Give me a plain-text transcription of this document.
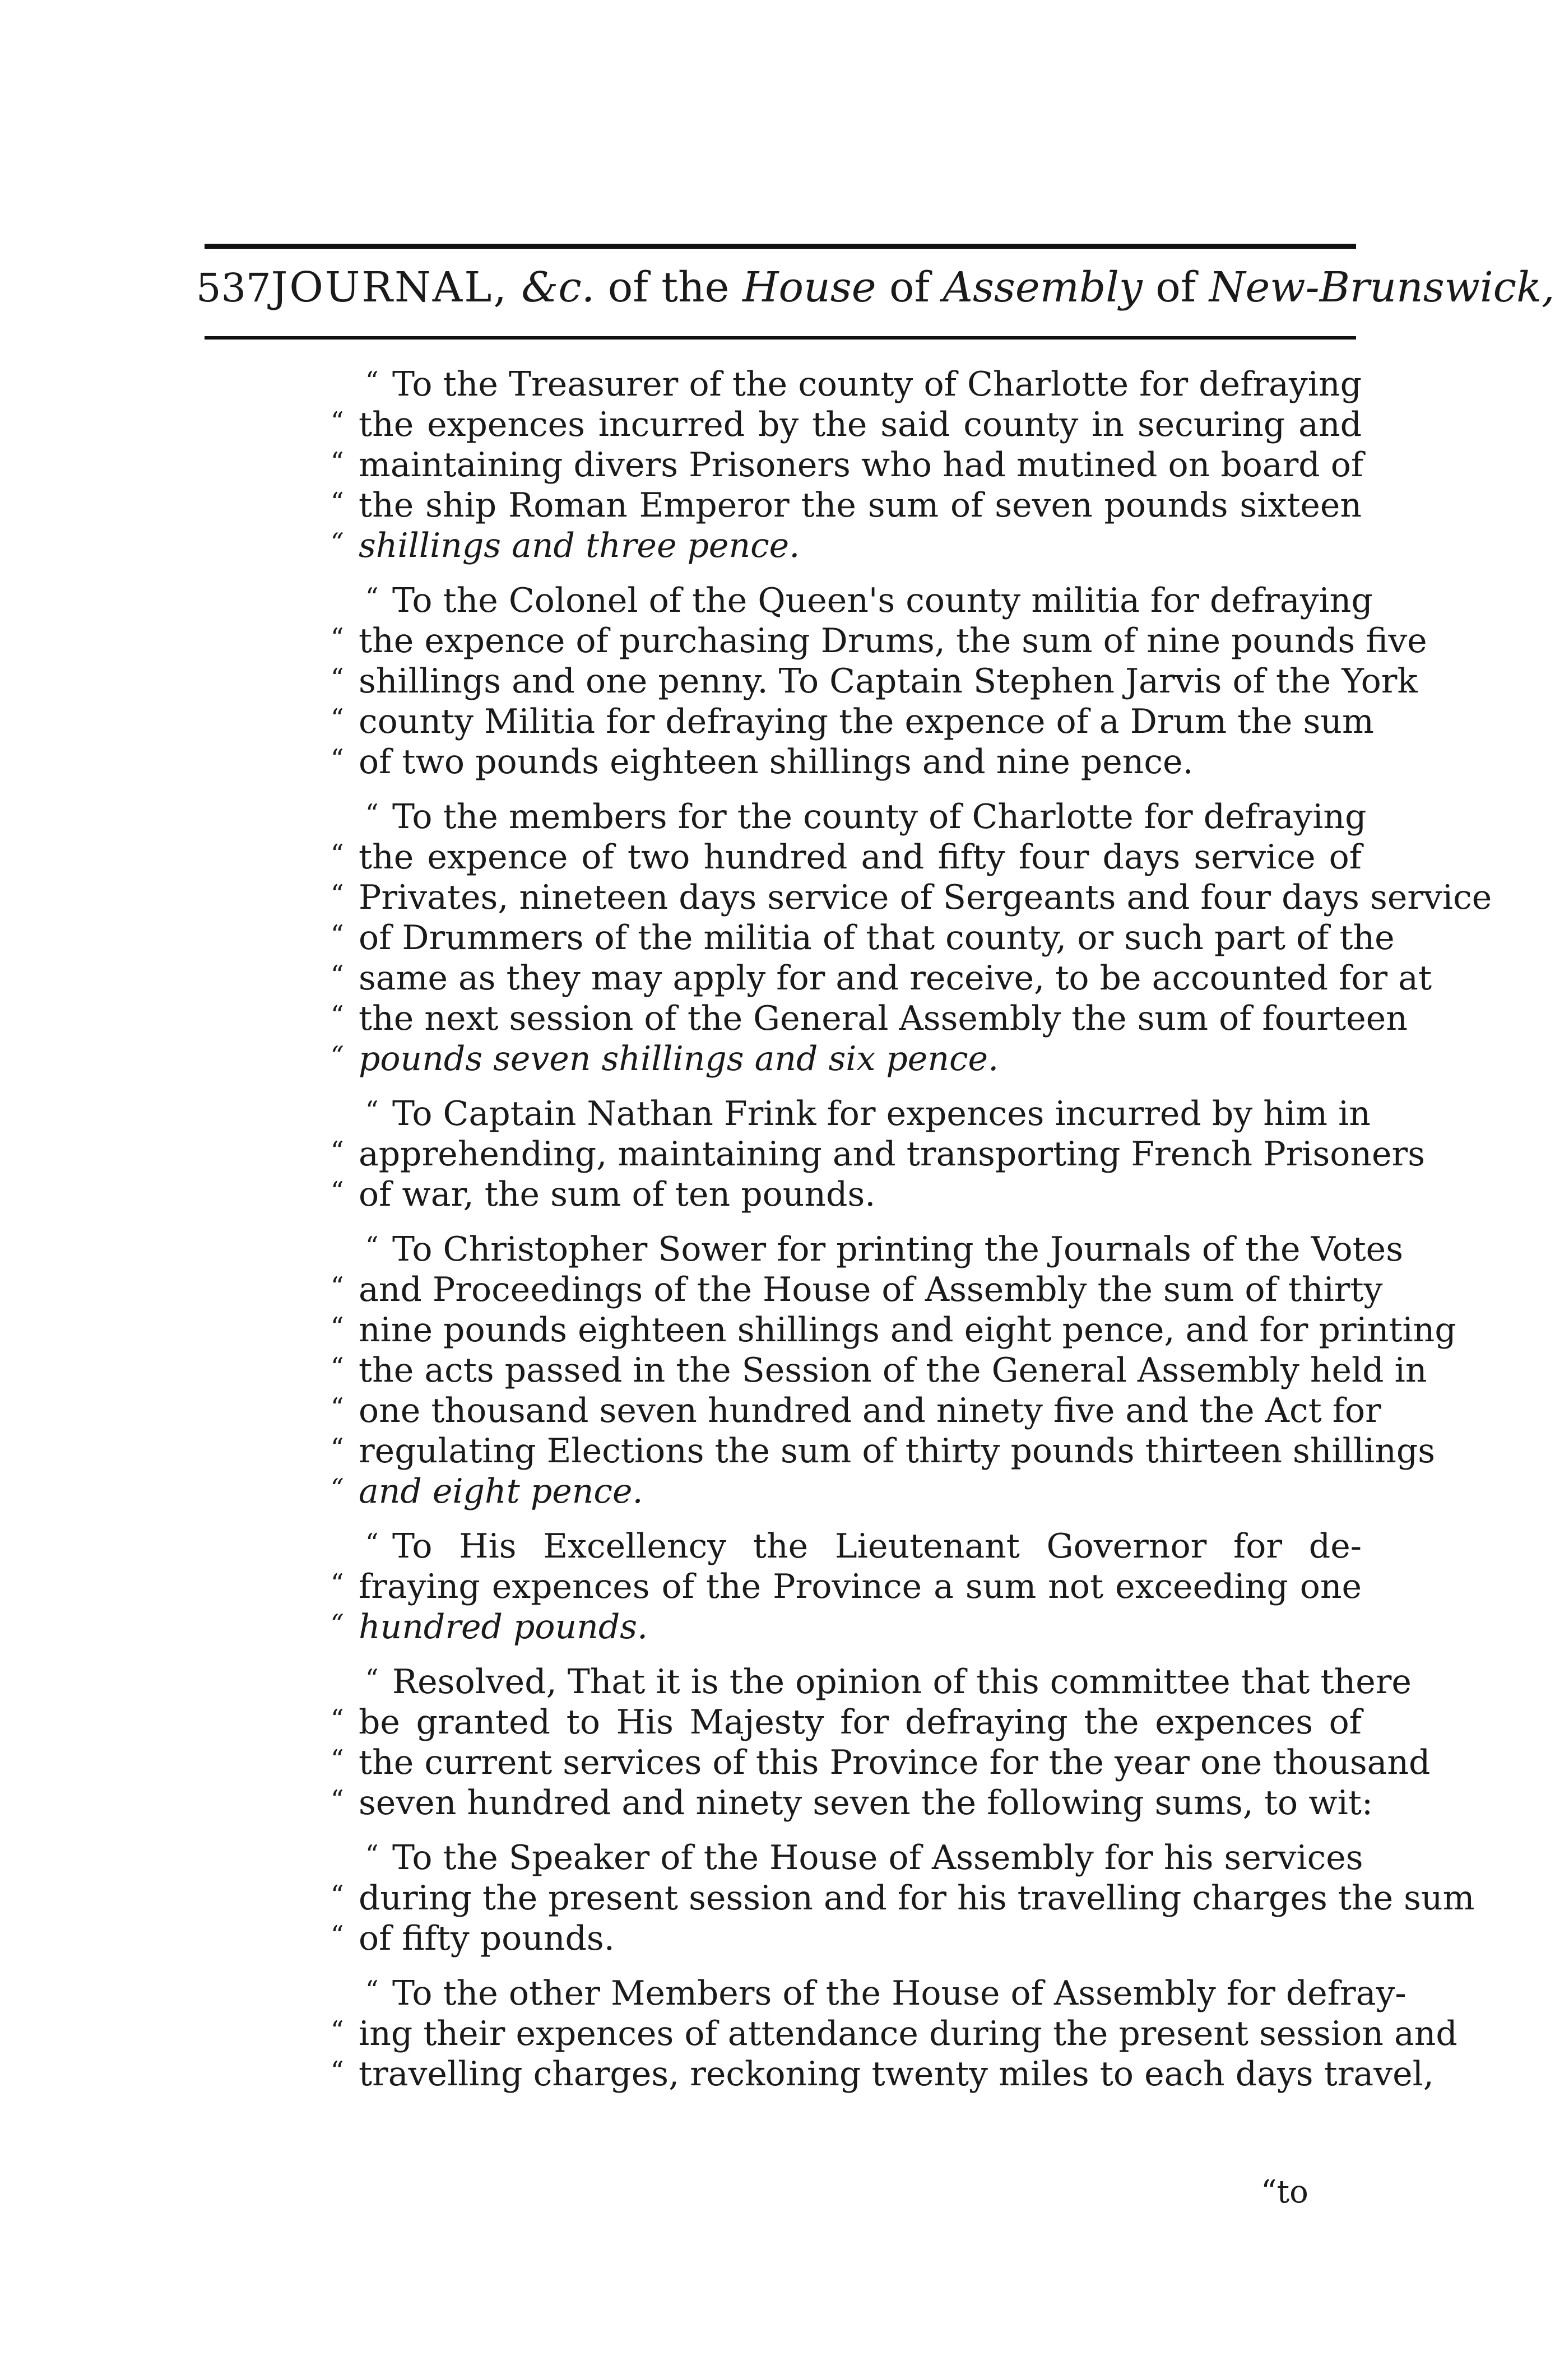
537 JOURNAL, &c. of the House of Assembly of New-Brunswick,
“ To the Treasurer of the county of Charlotte for defraying
“ the expences incurred by the said county in securing and
“ maintaining divers Prisoners who had mutined on board of
“ the ship Roman Emperor the sum of seven pounds sixteen
“ shillings and three pence.
“ To the Colonel of the Queen's county militia for defraying
“ the expence of purchasing Drums, the sum of nine pounds five
“ shillings and one penny. To Captain Stephen Jarvis of the York
“ county Militia for defraying the expence of a Drum the sum
“ of two pounds eighteen shillings and nine pence.
“ To the members for the county of Charlotte for defraying
“ the expence of two hundred and fifty four days service of
“ Privates, nineteen days service of Sergeants and four days service
“ of Drummers of the militia of that county, or such part of the
“ same as they may apply for and receive, to be accounted for at
“ the next session of the General Assembly the sum of fourteen
“ pounds seven shillings and six pence.
“ To Captain Nathan Frink for expences incurred by him in
“ apprehending, maintaining and transporting French Prisoners
“ of war, the sum of ten pounds.
“ To Christopher Sower for printing the Journals of the Votes
“ and Proceedings of the House of Assembly the sum of thirty
“ nine pounds eighteen shillings and eight pence, and for printing
“ the acts passed in the Session of the General Assembly held in
“ one thousand seven hundred and ninety five and the Act for
“ regulating Elections the sum of thirty pounds thirteen shillings
“ and eight pence.
“ To His Excellency the Lieutenant Governor for de-
“ fraying expences of the Province a sum not exceeding one
“ hundred pounds.
“ Resolved, That it is the opinion of this committee that there
“ be granted to His Majesty for defraying the expences of
“ the current services of this Province for the year one thousand
“ seven hundred and ninety seven the following sums, to wit:
“ To the Speaker of the House of Assembly for his services
“ during the present session and for his travelling charges the sum
“ of fifty pounds.
“ To the other Members of the House of Assembly for defray-
“ ing their expences of attendance during the present session and
“ travelling charges, reckoning twenty miles to each days travel,
“to
